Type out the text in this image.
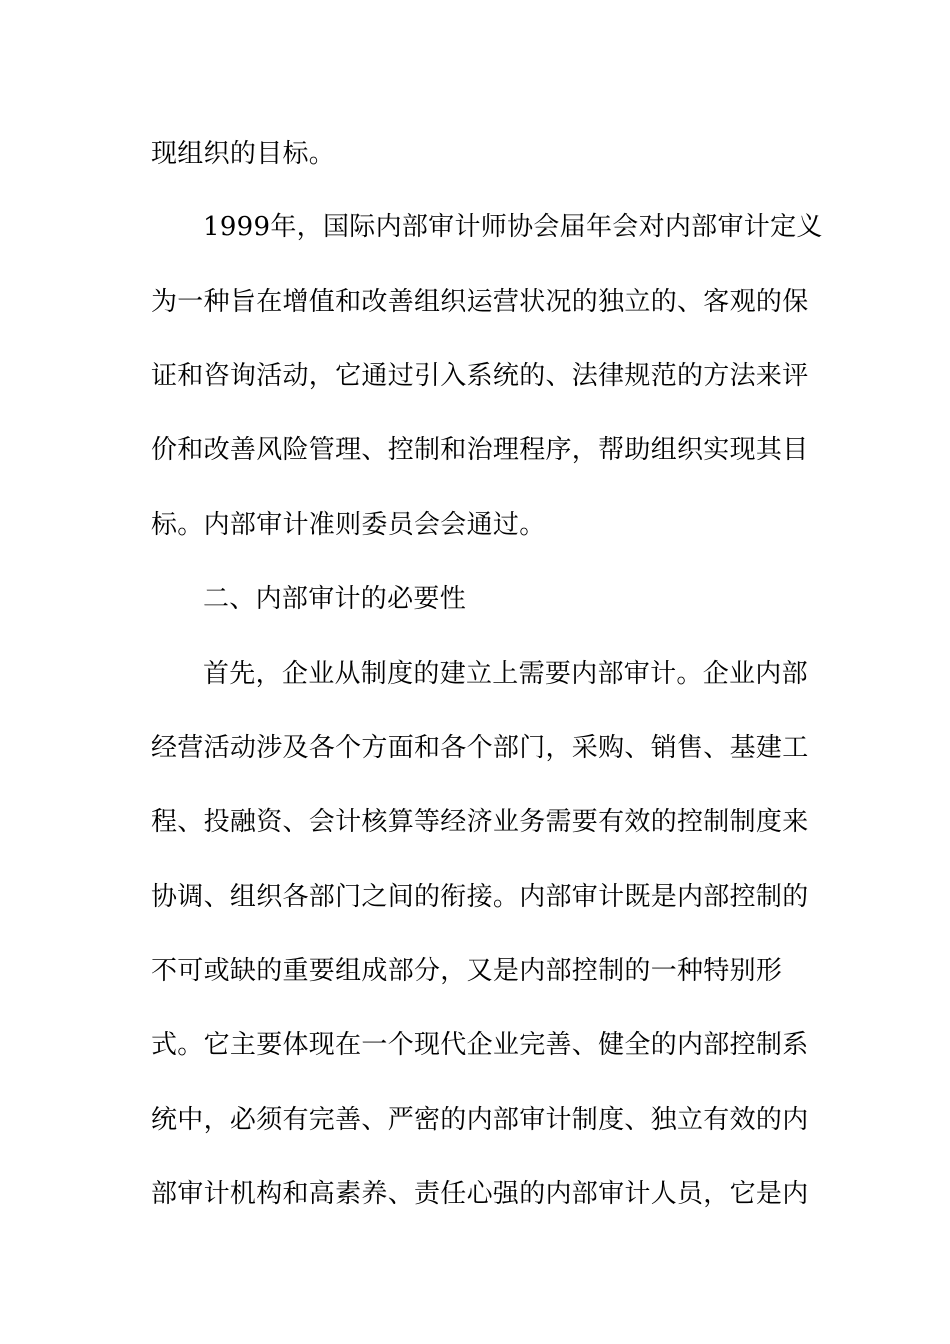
现组织的目标。
1999年，国际内部审计师协会届年会对内部审计定义
为一种旨在增值和改善组织运营状况的独立的、客观的保
证和咨询活动，它通过引入系统的、法律规范的方法来评
价和改善风险管理、控制和治理程序，帮助组织实现其目
标。内部审计准则委员会会通过。
二、内部审计的必要性
首先，企业从制度的建立上需要内部审计。企业内部
经营活动涉及各个方面和各个部门，采购、销售、基建工
程、投融资、会计核算等经济业务需要有效的控制制度来
协调、组织各部门之间的衔接。内部审计既是内部控制的
不可或缺的重要组成部分，又是内部控制的一种特别形
式。它主要体现在一个现代企业完善、健全的内部控制系
统中，必须有完善、严密的内部审计制度、独立有效的内
部审计机构和高素养、责任心强的内部审计人员，它是内
